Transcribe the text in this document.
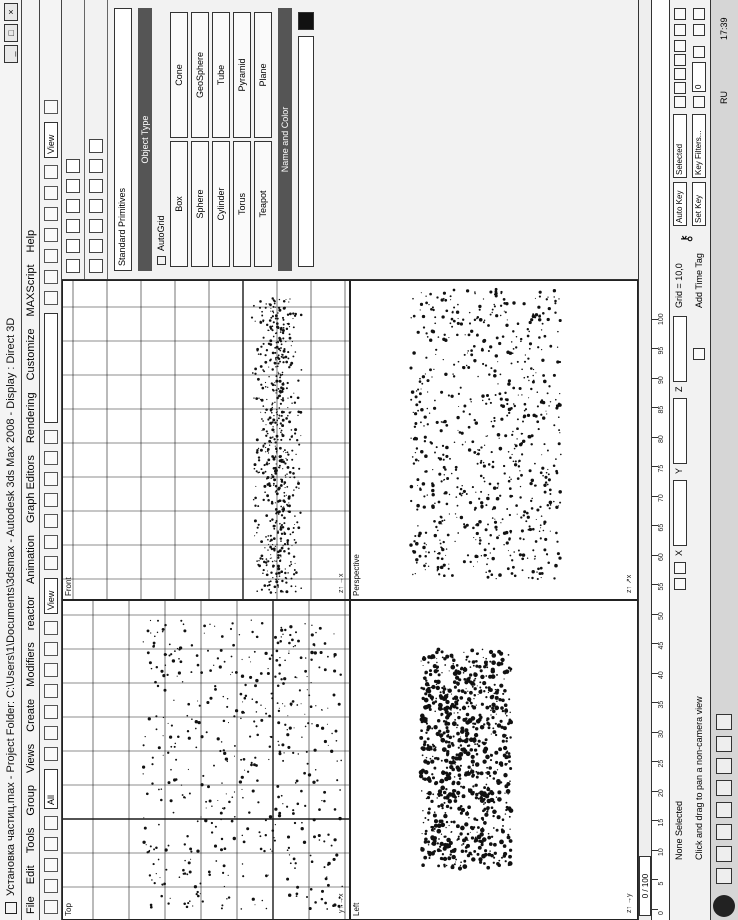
Установка частиц.max - Project Folder: C:\Users\1\Documents\3dsmax - Autodesk 3ds Max 2008 - Display : Direct 3D
_
□
×
File
Edit
Tools
Group
Views
Create
Modifiers
reactor
Animation
Graph Editors
Rendering
Customize
MAXScript
Help
All
View
View
Top	y↑ →x
Front	z↑ →x
Left	z↑ →y
Perspective	z↑ ↗x
Standard Primitives
Object Type
AutoGrid
Box
Cone
Sphere
GeoSphere
Cylinder
Tube
Torus
Pyramid
Teapot
Plane
Name and Color
0 / 100
0
5
10
15
20
25
30
35
40
45
50
55
60
65
70
75
80
85
90
95
100
None Selected Click and drag to pan a non-camera view
X
Y
Z
Grid = 10,0 Add Time Tag
⚷
Auto Key
Selected
Set Key
Key Filters...
0
RU
17:39
